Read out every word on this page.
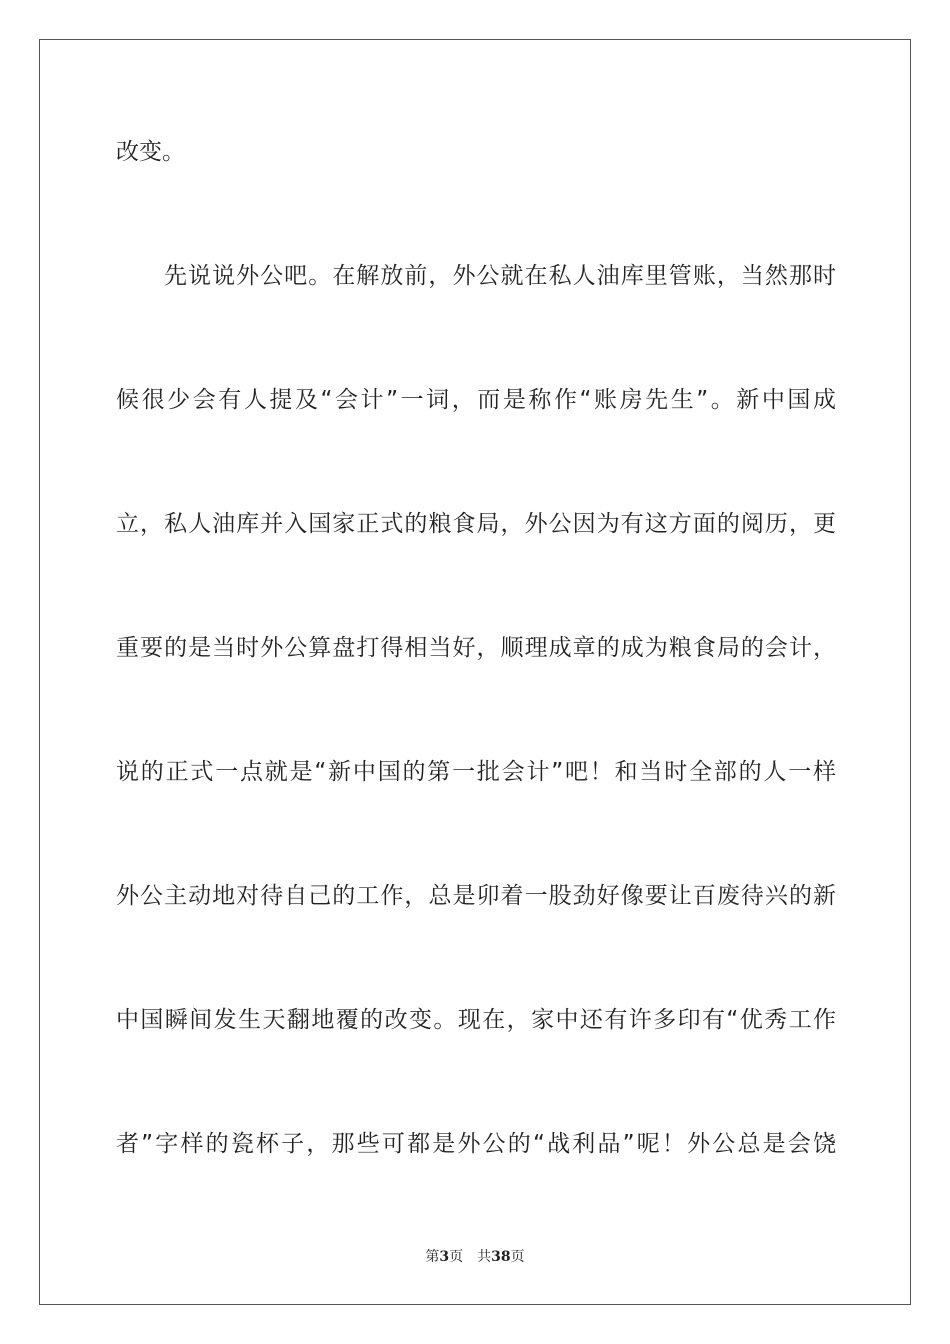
改变。
先说说外公吧。在解放前，外公就在私人油库里管账，当然那时
候很少会有人提及“会计”一词，而是称作“账房先生”。新中国成
立，私人油库并入国家正式的粮食局，外公因为有这方面的阅历，更
重要的是当时外公算盘打得相当好，顺理成章的成为粮食局的会计，
说的正式一点就是“新中国的第一批会计”吧！和当时全部的人一样
外公主动地对待自己的工作，总是卯着一股劲好像要让百废待兴的新
中国瞬间发生天翻地覆的改变。现在，家中还有许多印有“优秀工作
者”字样的瓷杯子，那些可都是外公的“战利品”呢！外公总是会饶
第3页 共38页
